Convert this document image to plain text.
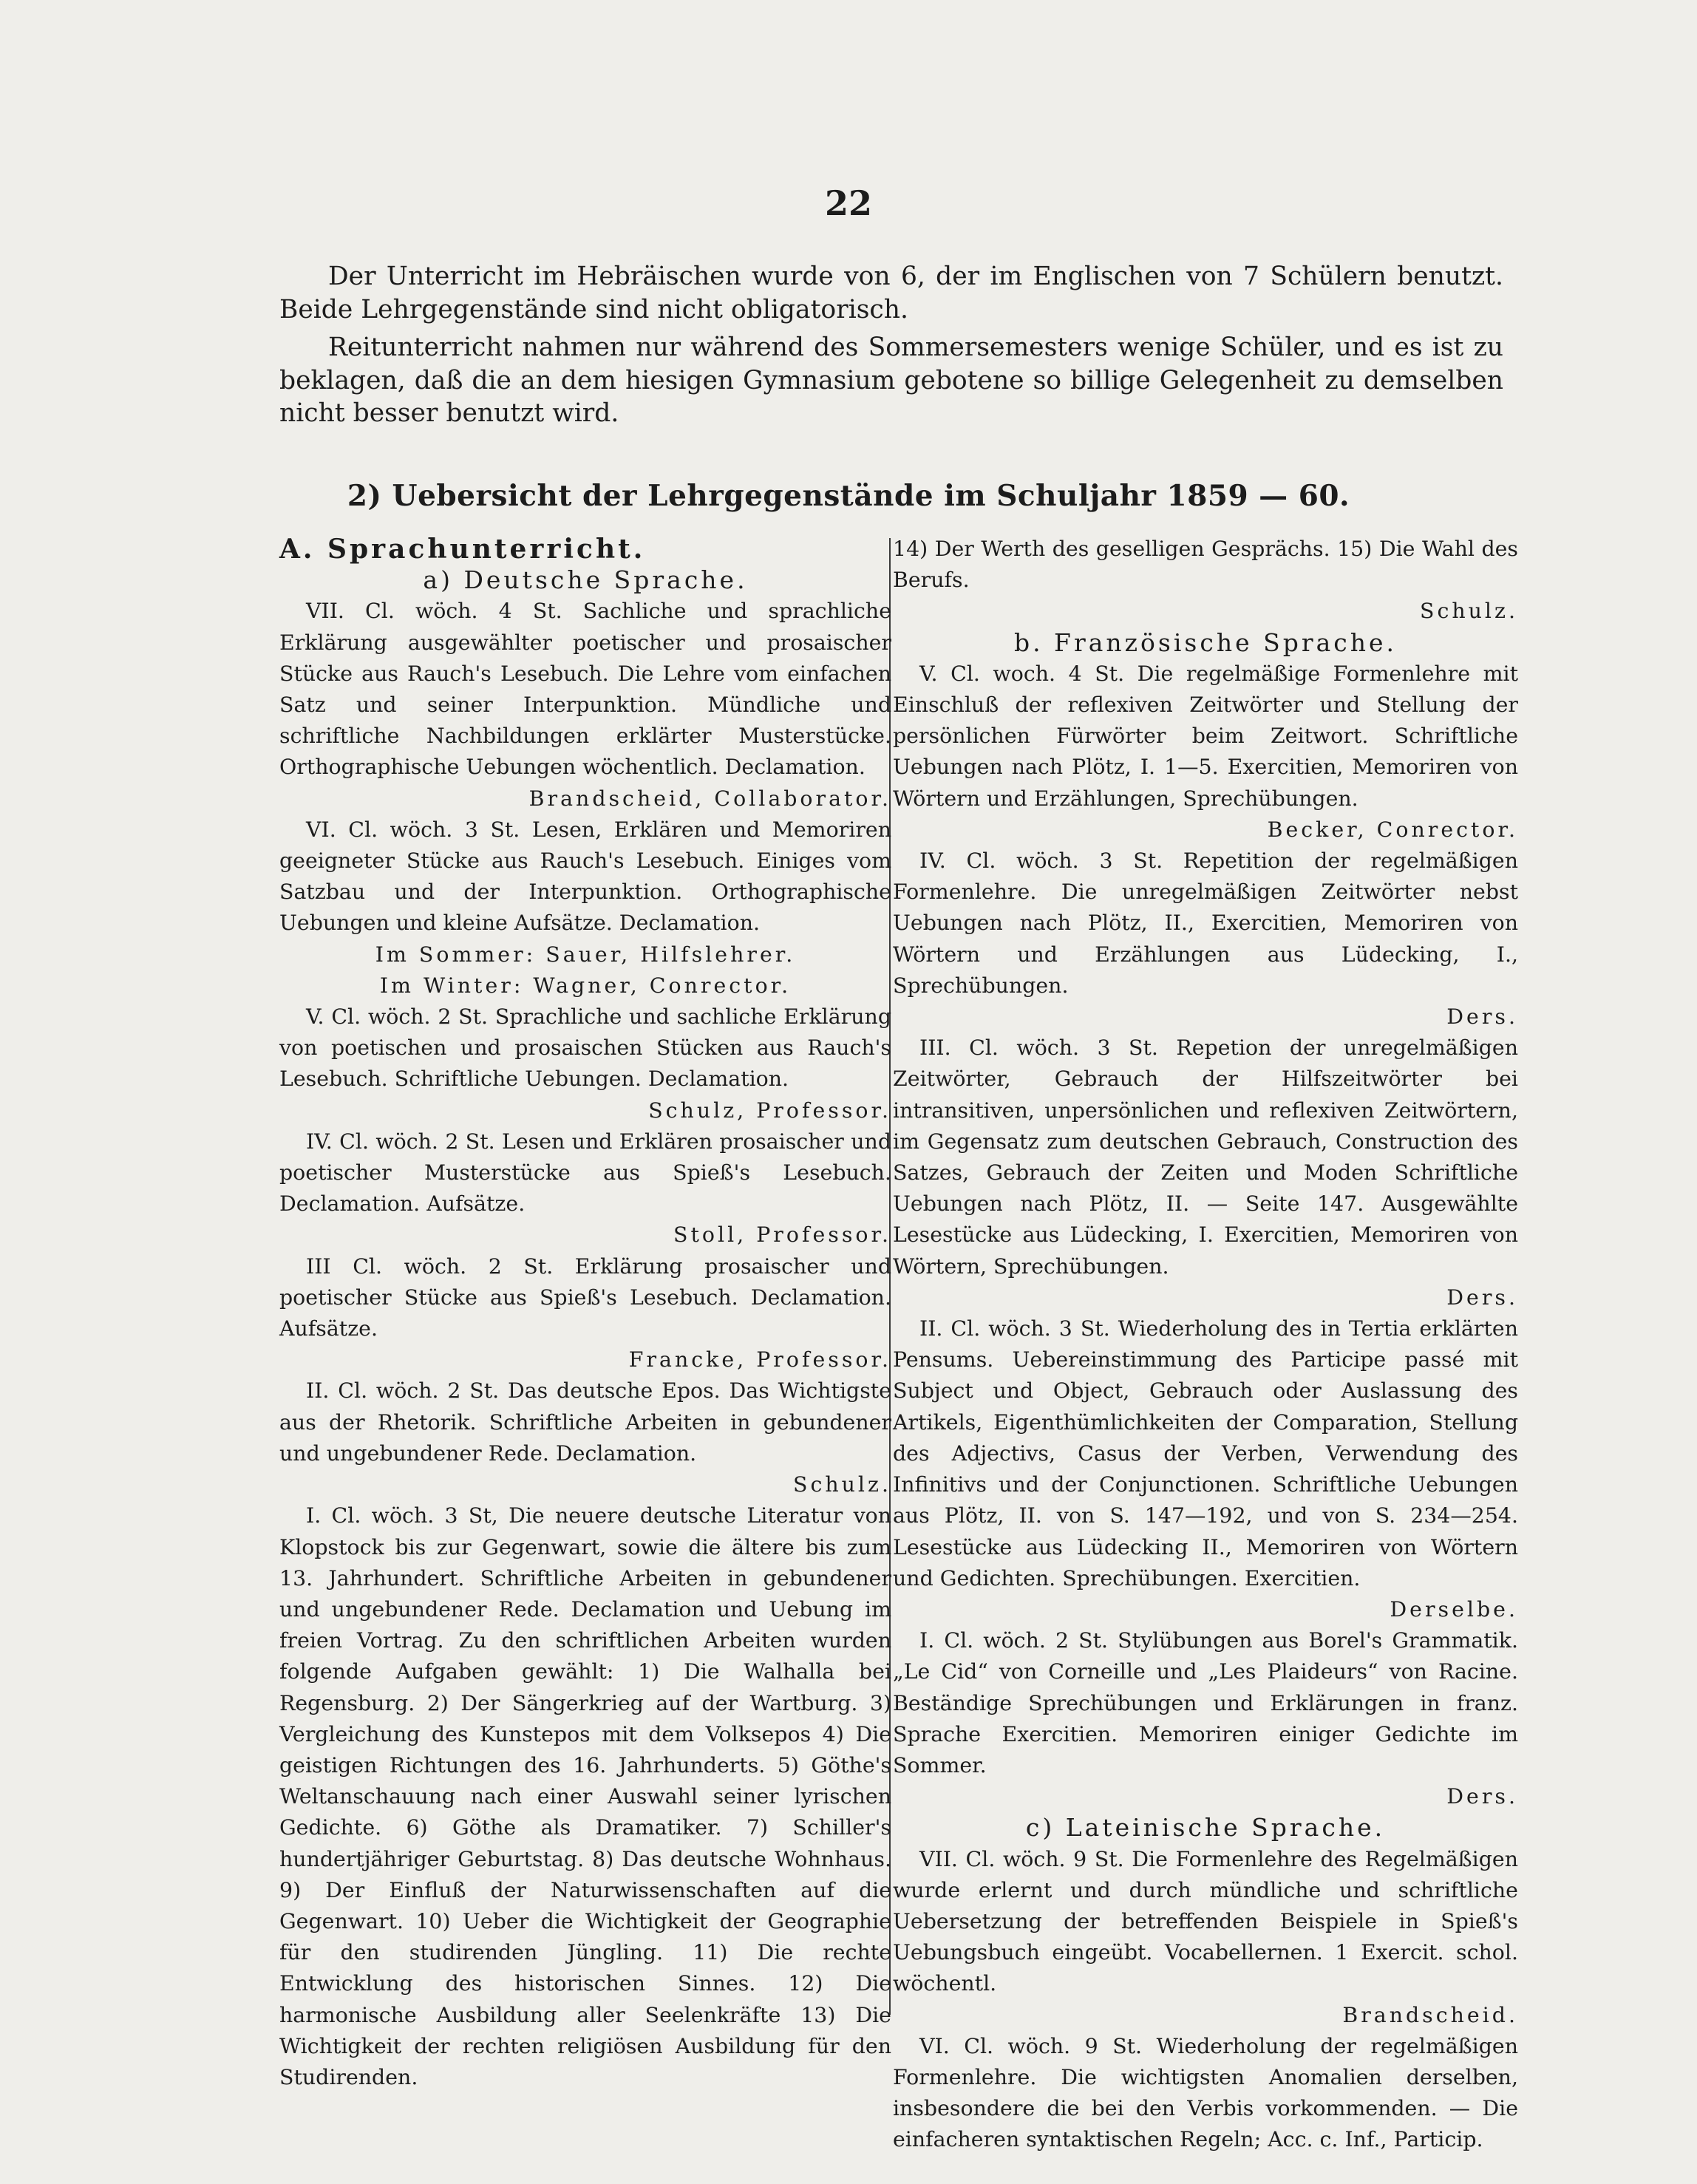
22

Der Unterricht im Hebräischen wurde von 6, der im Englischen von 7 Schülern benutzt. Beide Lehrgegenstände sind nicht obligatorisch.

Reitunterricht nahmen nur während des Sommersemesters wenige Schüler, und es ist zu beklagen, daß die an dem hiesigen Gymnasium gebotene so billige Gelegenheit zu demselben nicht besser benutzt wird.

2) Uebersicht der Lehrgegenstände im Schuljahr 1859 — 60.

A. Sprachunterricht.

a) Deutsche Sprache.

VII. Cl. wöch. 4 St. Sachliche und sprachliche Erklärung ausgewählter poetischer und prosaischer Stücke aus Rauch's Lesebuch. Die Lehre vom einfachen Satz und seiner Interpunktion. Mündliche und schriftliche Nachbildungen erklärter Musterstücke. Orthographische Uebungen wöchentlich. Declamation.

Brandscheid, Collaborator.

VI. Cl. wöch. 3 St. Lesen, Erklären und Memoriren geeigneter Stücke aus Rauch's Lesebuch. Einiges vom Satzbau und der Interpunktion. Orthographische Uebungen und kleine Aufsätze. Declamation.

Im Sommer: Sauer, Hilfslehrer.

Im Winter: Wagner, Conrector.

V. Cl. wöch. 2 St. Sprachliche und sachliche Erklärung von poetischen und prosaischen Stücken aus Rauch's Lesebuch. Schriftliche Uebungen. Declamation.

Schulz, Professor.

IV. Cl. wöch. 2 St. Lesen und Erklären prosaischer und poetischer Musterstücke aus Spieß's Lesebuch. Declamation. Aufsätze.

Stoll, Professor.

III Cl. wöch. 2 St. Erklärung prosaischer und poetischer Stücke aus Spieß's Lesebuch. Declamation. Aufsätze.

Francke, Professor.

II. Cl. wöch. 2 St. Das deutsche Epos. Das Wichtigste aus der Rhetorik. Schriftliche Arbeiten in gebundener und ungebundener Rede. Declamation.

Schulz.

I. Cl. wöch. 3 St, Die neuere deutsche Literatur von Klopstock bis zur Gegenwart, sowie die ältere bis zum 13. Jahrhundert. Schriftliche Arbeiten in gebundener und ungebundener Rede. Declamation und Uebung im freien Vortrag. Zu den schriftlichen Arbeiten wurden folgende Aufgaben gewählt: 1) Die Walhalla bei Regensburg. 2) Der Sängerkrieg auf der Wartburg. 3) Vergleichung des Kunstepos mit dem Volksepos 4) Die geistigen Richtungen des 16. Jahrhunderts. 5) Göthe's Weltanschauung nach einer Auswahl seiner lyrischen Gedichte. 6) Göthe als Dramatiker. 7) Schiller's hundertjähriger Geburtstag. 8) Das deutsche Wohnhaus. 9) Der Einfluß der Naturwissenschaften auf die Gegenwart. 10) Ueber die Wichtigkeit der Geographie für den studirenden Jüngling. 11) Die rechte Entwicklung des historischen Sinnes. 12) Die harmonische Ausbildung aller Seelenkräfte 13) Die Wichtigkeit der rechten religiösen Ausbildung für den Studirenden.

14) Der Werth des geselligen Gesprächs. 15) Die Wahl des Berufs.

Schulz.

b. Französische Sprache.

V. Cl. woch. 4 St. Die regelmäßige Formenlehre mit Einschluß der reflexiven Zeitwörter und Stellung der persönlichen Fürwörter beim Zeitwort. Schriftliche Uebungen nach Plötz, I. 1—5. Exercitien, Memoriren von Wörtern und Erzählungen, Sprechübungen.

Becker, Conrector.

IV. Cl. wöch. 3 St. Repetition der regelmäßigen Formenlehre. Die unregelmäßigen Zeitwörter nebst Uebungen nach Plötz, II., Exercitien, Memoriren von Wörtern und Erzählungen aus Lüdecking, I., Sprechübungen.

Ders.

III. Cl. wöch. 3 St. Repetion der unregelmäßigen Zeitwörter, Gebrauch der Hilfszeitwörter bei intransitiven, unpersönlichen und reflexiven Zeitwörtern, im Gegensatz zum deutschen Gebrauch, Construction des Satzes, Gebrauch der Zeiten und Moden Schriftliche Uebungen nach Plötz, II. — Seite 147. Ausgewählte Lesestücke aus Lüdecking, I. Exercitien, Memoriren von Wörtern, Sprechübungen.

Ders.

II. Cl. wöch. 3 St. Wiederholung des in Tertia erklärten Pensums. Uebereinstimmung des Participe passé mit Subject und Object, Gebrauch oder Auslassung des Artikels, Eigenthümlichkeiten der Comparation, Stellung des Adjectivs, Casus der Verben, Verwendung des Infinitivs und der Conjunctionen. Schriftliche Uebungen aus Plötz, II. von S. 147—192, und von S. 234—254. Lesestücke aus Lüdecking II., Memoriren von Wörtern und Gedichten. Sprechübungen. Exercitien.

Derselbe.

I. Cl. wöch. 2 St. Stylübungen aus Borel's Grammatik. „Le Cid“ von Corneille und „Les Plaideurs“ von Racine. Beständige Sprechübungen und Erklärungen in franz. Sprache Exercitien. Memoriren einiger Gedichte im Sommer.

Ders.

c) Lateinische Sprache.

VII. Cl. wöch. 9 St. Die Formenlehre des Regelmäßigen wurde erlernt und durch mündliche und schriftliche Uebersetzung der betreffenden Beispiele in Spieß's Uebungsbuch eingeübt. Vocabellernen. 1 Exercit. schol. wöchentl.

Brandscheid.

VI. Cl. wöch. 9 St. Wiederholung der regelmäßigen Formenlehre. Die wichtigsten Anomalien derselben, insbesondere die bei den Verbis vorkommenden. — Die einfacheren syntaktischen Regeln; Acc. c. Inf., Particip.
